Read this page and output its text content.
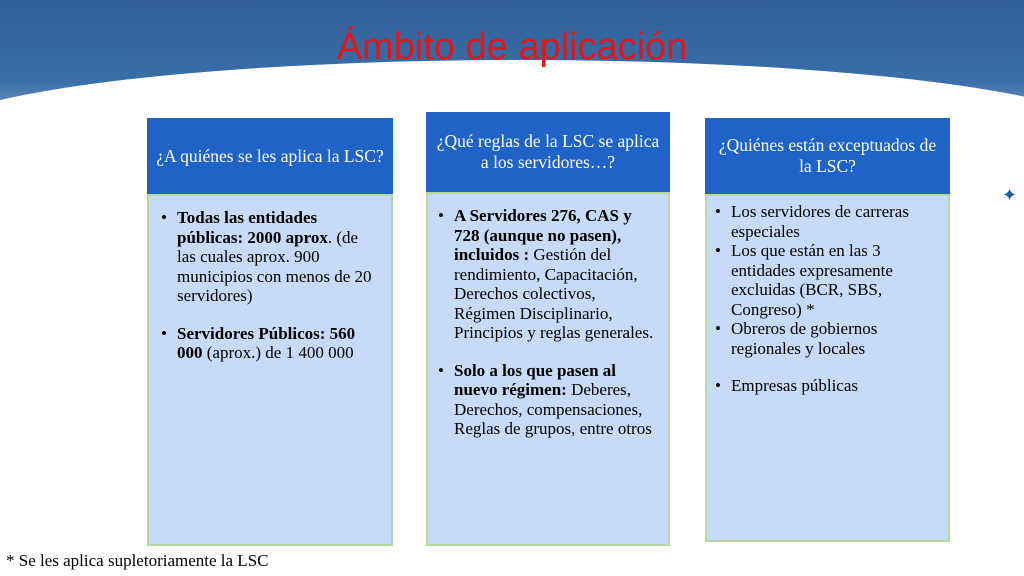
✦
Ámbito de aplicación
¿A quiénes se les aplica la LSC?
• Todas las entidades públicas: 2000 aprox. (de las cuales aprox. 900 municipios con menos de 20 servidores)
• Servidores Públicos: 560 000 (aprox.) de 1 400 000
¿Qué reglas de la LSC se aplica a los servidores…?
• A Servidores 276, CAS y 728 (aunque no pasen), incluidos : Gestión del rendimiento, Capacitación, Derechos colectivos, Régimen Disciplinario, Principios y reglas generales.
• Solo a los que pasen al nuevo régimen: Deberes, Derechos, compensaciones, Reglas de grupos, entre otros
¿Quiénes están exceptuados de la LSC?
• Los servidores de carreras especiales
• Los que están en las 3 entidades expresamente excluidas (BCR, SBS, Congreso) *
• Obreros de gobiernos regionales y locales
• Empresas públicas
* Se les aplica supletoriamente la LSC
